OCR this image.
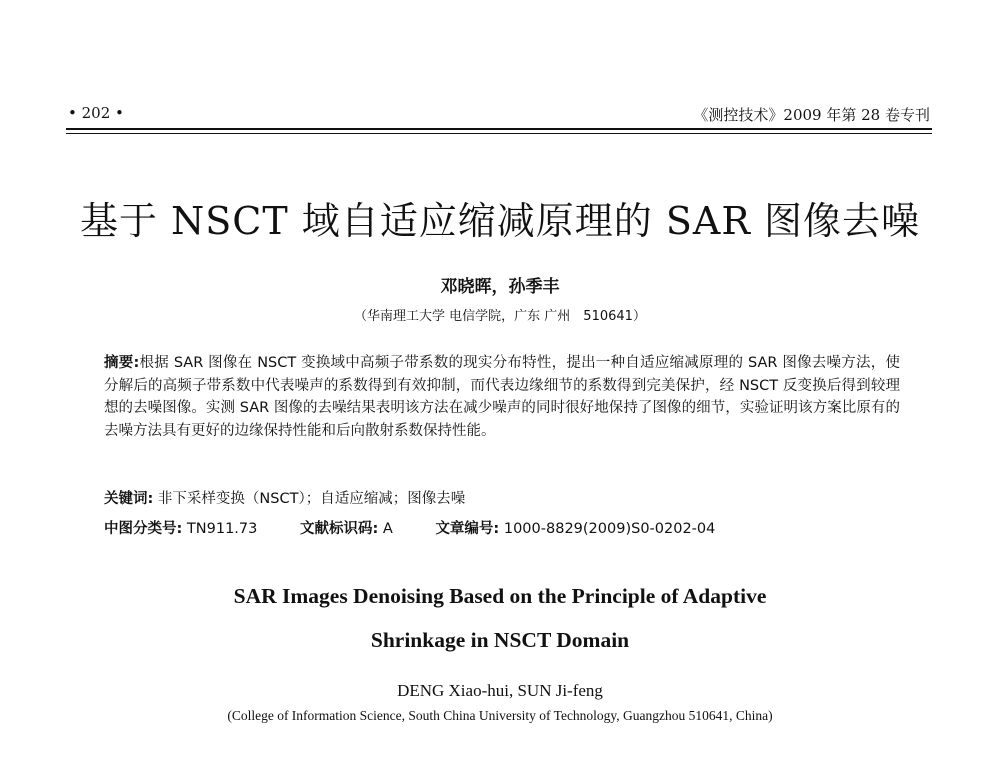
• 202 •	《测控技术》2009 年第 28 卷专刊
基于 NSCT 域自适应缩减原理的 SAR 图像去噪
邓晓晖，孙季丰
（华南理工大学 电信学院，广东 广州　510641）
摘要:根据 SAR 图像在 NSCT 变换域中高频子带系数的现实分布特性，提出一种自适应缩减原理的 SAR 图像去噪方法，使分解后的高频子带系数中代表噪声的系数得到有效抑制，而代表边缘细节的系数得到完美保护，经 NSCT 反变换后得到较理想的去噪图像。实测 SAR 图像的去噪结果表明该方法在减少噪声的同时很好地保持了图像的细节，实验证明该方案比原有的去噪方法具有更好的边缘保持性能和后向散射系数保持性能。
关键词: 非下采样变换（NSCT）；自适应缩减；图像去噪
中图分类号: TN911.73	文献标识码: A	文章编号: 1000-8829(2009)S0-0202-04
SAR Images Denoising Based on the Principle of Adaptive
Shrinkage in NSCT Domain
DENG Xiao-hui, SUN Ji-feng
(College of Information Science, South China University of Technology, Guangzhou 510641, China)
